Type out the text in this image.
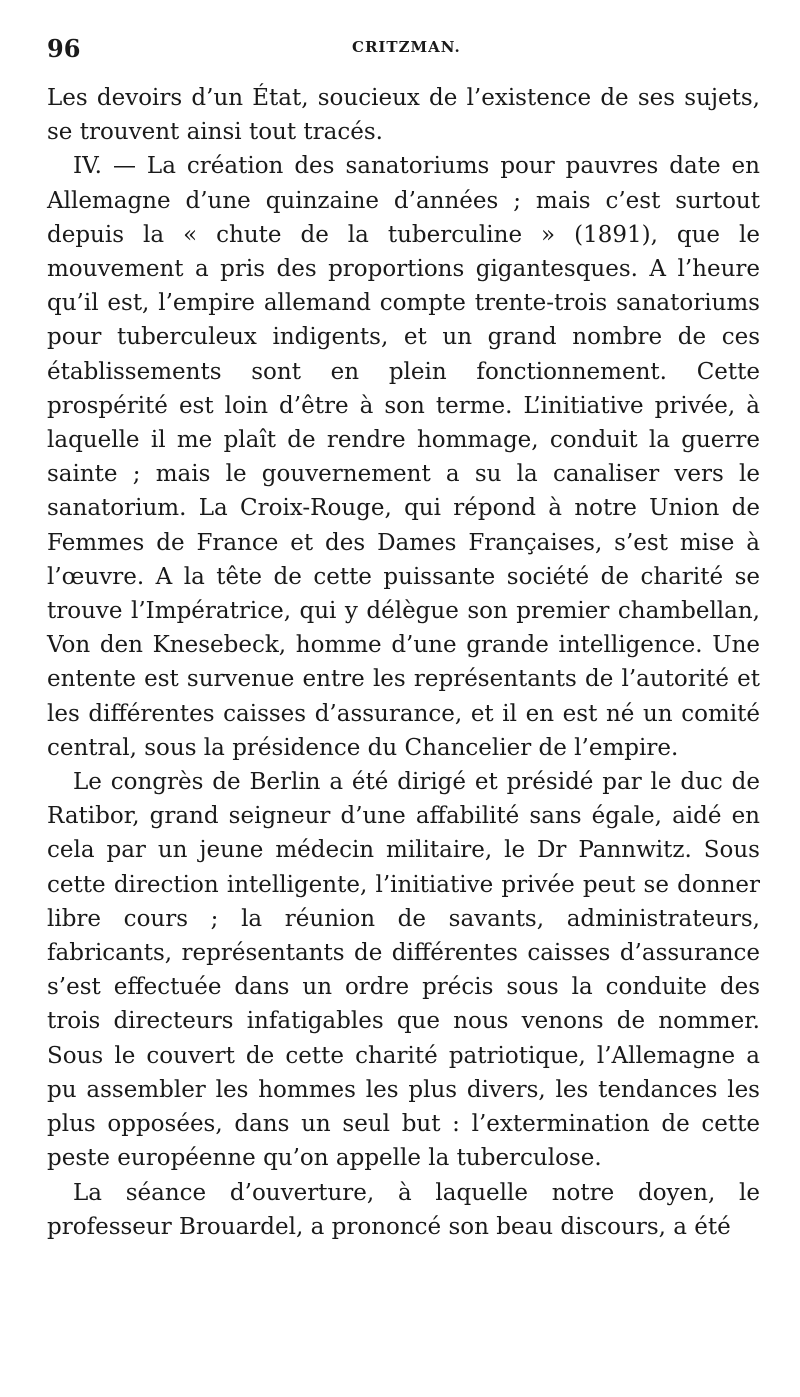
96	CRITZMAN.

Les devoirs d’un État, soucieux de l’existence de ses sujets, se trouvent ainsi tout tracés.

IV. — La création des sanatoriums pour pauvres date en Allemagne d’une quinzaine d’années ; mais c’est surtout depuis la « chute de la tuberculine » (1891), que le mouvement a pris des proportions gigantesques. A l’heure qu’il est, l’empire allemand compte trente-trois sanatoriums pour tuberculeux indigents, et un grand nombre de ces établissements sont en plein fonctionnement. Cette prospérité est loin d’être à son terme. L’initiative privée, à laquelle il me plaît de rendre hommage, conduit la guerre sainte ; mais le gouvernement a su la canaliser vers le sanatorium. La Croix-Rouge, qui répond à notre Union de Femmes de France et des Dames Françaises, s’est mise à l’œuvre. A la tête de cette puissante société de charité se trouve l’Impératrice, qui y délègue son premier chambellan, Von den Knesebeck, homme d’une grande intelligence. Une entente est survenue entre les représentants de l’autorité et les différentes caisses d’assurance, et il en est né un comité central, sous la présidence du Chancelier de l’empire.

Le congrès de Berlin a été dirigé et présidé par le duc de Ratibor, grand seigneur d’une affabilité sans égale, aidé en cela par un jeune médecin militaire, le Dr Pannwitz. Sous cette direction intelligente, l’initiative privée peut se donner libre cours ; la réunion de savants, administrateurs, fabricants, représentants de différentes caisses d’assurance s’est effectuée dans un ordre précis sous la conduite des trois directeurs infatigables que nous venons de nommer. Sous le couvert de cette charité patriotique, l’Allemagne a pu assembler les hommes les plus divers, les tendances les plus opposées, dans un seul but : l’extermination de cette peste européenne qu’on appelle la tuberculose.

La séance d’ouverture, à laquelle notre doyen, le professeur Brouardel, a prononcé son beau discours, a été
